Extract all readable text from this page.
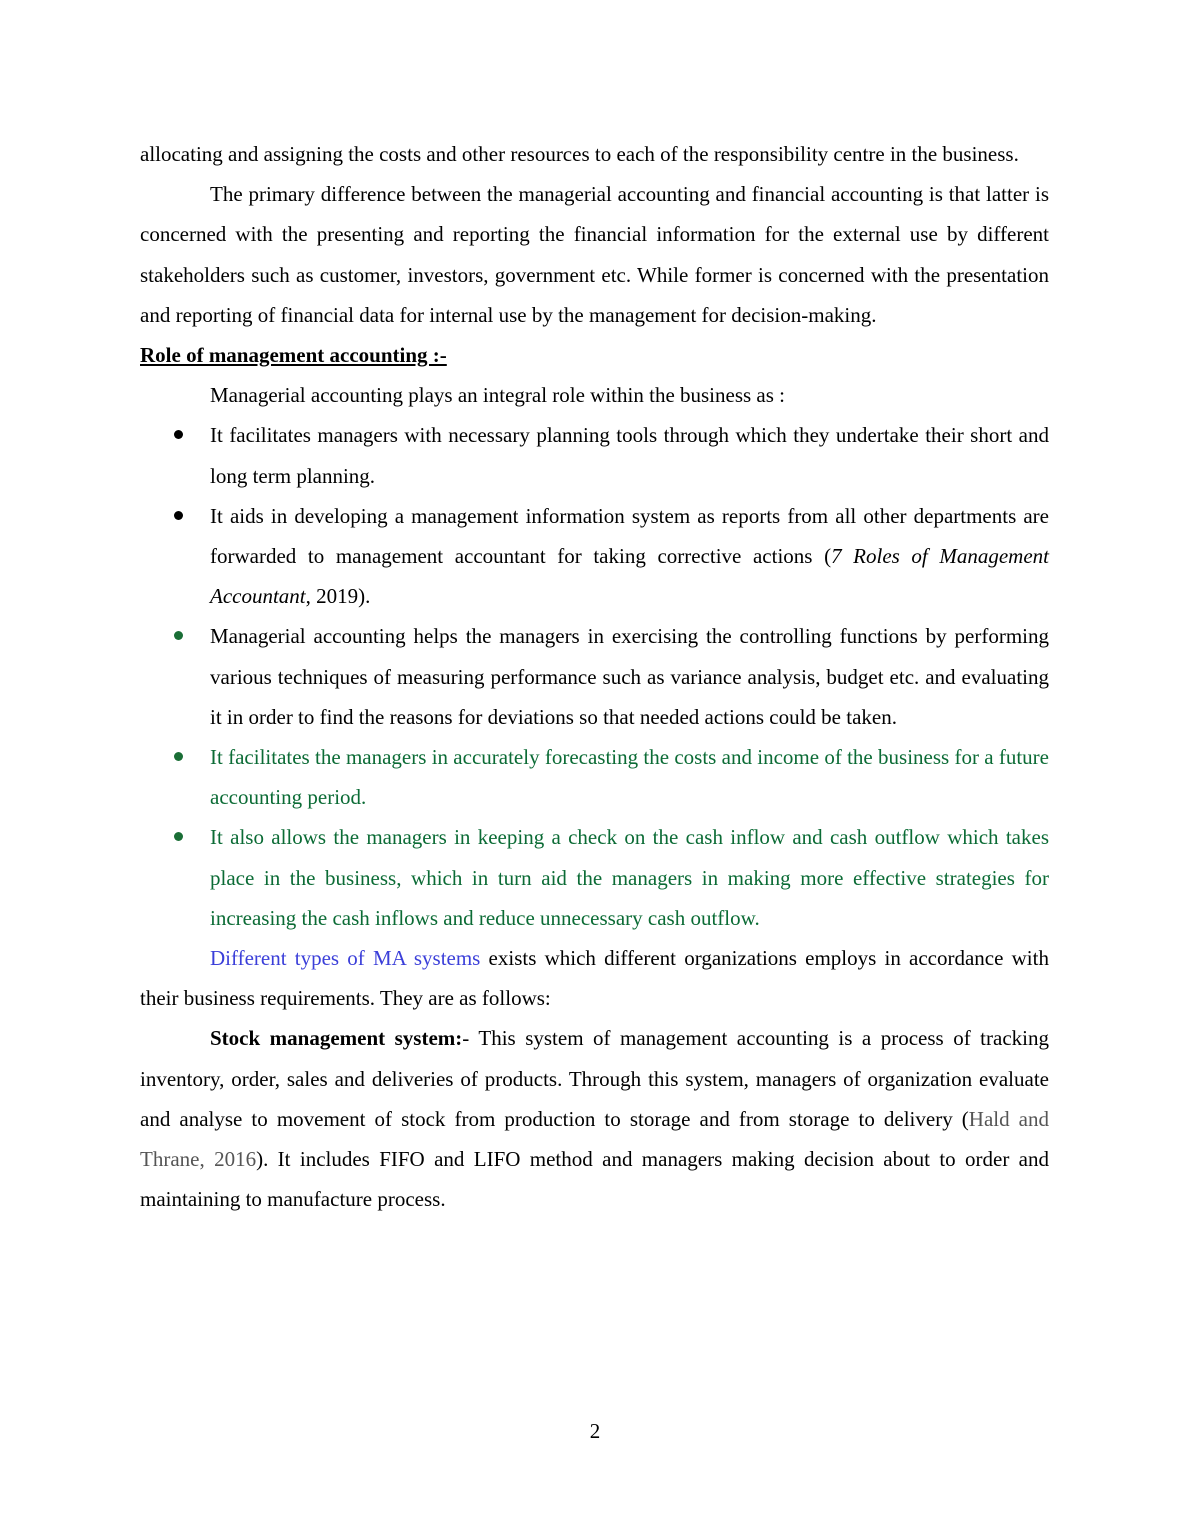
allocating and assigning the costs and other resources to each of the responsibility centre in the business.

The primary difference between the managerial accounting and financial accounting is that latter is concerned with the presenting and reporting the financial information for the external use by different stakeholders such as customer, investors, government etc. While former is concerned with the presentation and reporting of financial data for internal use by the management for decision-making.

Role of management accounting :-

Managerial accounting plays an integral role within the business as :

It facilitates managers with necessary planning tools through which they undertake their short and long term planning.
It aids in developing a management information system as reports from all other departments are forwarded to management accountant for taking corrective actions (7 Roles of Management Accountant, 2019).
Managerial accounting helps the managers in exercising the controlling functions by performing various techniques of measuring performance such as variance analysis, budget etc. and evaluating it in order to find the reasons for deviations so that needed actions could be taken.
It facilitates the managers in accurately forecasting the costs and income of the business for a future accounting period.
It also allows the managers in keeping a check on the cash inflow and cash outflow which takes place in the business, which in turn aid the managers in making more effective strategies for increasing the cash inflows and reduce unnecessary cash outflow.

Different types of MA systems exists which different organizations employs in accordance with their business requirements. They are as follows:

Stock management system:- This system of management accounting is a process of tracking inventory, order, sales and deliveries of products. Through this system, managers of organization evaluate and analyse to movement of stock from production to storage and from storage to delivery (Hald and Thrane, 2016). It includes FIFO and LIFO method and managers making decision about to order and maintaining to manufacture process.

2
